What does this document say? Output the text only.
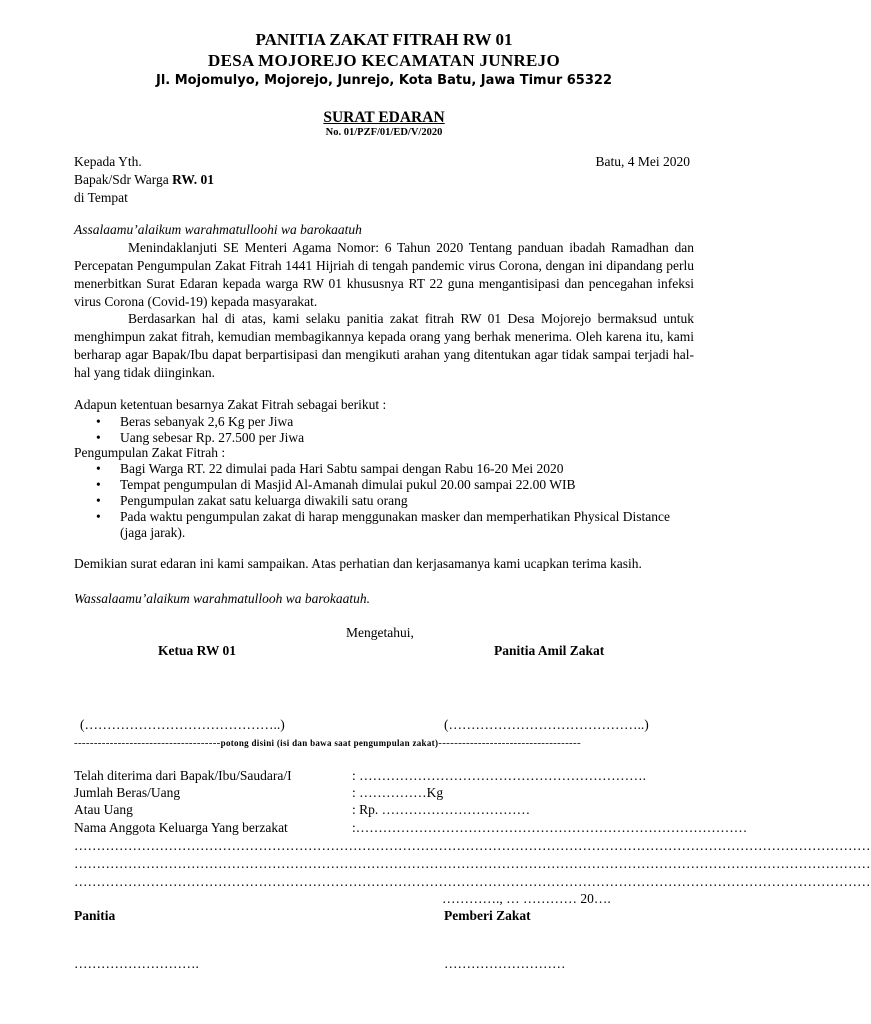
PANITIA ZAKAT FITRAH RW 01
DESA MOJOREJO KECAMATAN JUNREJO
Jl. Mojomulyo, Mojorejo, Junrejo, Kota Batu, Jawa Timur 65322
SURAT EDARAN
No. 01/PZF/01/ED/V/2020
Kepada Yth.
Bapak/Sdr Warga RW. 01
di Tempat
Batu, 4 Mei 2020
Assalaamu’alaikum warahmatulloohi wa barokaatuh
Menindaklanjuti SE Menteri Agama Nomor: 6 Tahun 2020 Tentang panduan ibadah Ramadhan dan Percepatan Pengumpulan Zakat Fitrah 1441 Hijriah di tengah pandemic virus Corona, dengan ini dipandang perlu menerbitkan Surat Edaran kepada warga RW 01 khususnya RT 22 guna mengantisipasi dan pencegahan infeksi virus Corona (Covid-19) kepada masyarakat.
Berdasarkan hal di atas, kami selaku panitia zakat fitrah RW 01 Desa Mojorejo bermaksud untuk menghimpun zakat fitrah, kemudian membagikannya kepada orang yang berhak menerima. Oleh karena itu, kami berharap agar Bapak/Ibu dapat berpartisipasi dan mengikuti arahan yang ditentukan agar tidak sampai terjadi hal-hal yang tidak diinginkan.
Adapun ketentuan besarnya Zakat Fitrah sebagai berikut :
• Beras sebanyak 2,6 Kg per Jiwa
• Uang sebesar Rp. 27.500 per Jiwa
Pengumpulan Zakat Fitrah :
• Bagi Warga RT. 22 dimulai pada Hari Sabtu sampai dengan Rabu 16-20 Mei 2020
• Tempat pengumpulan di Masjid Al-Amanah dimulai pukul 20.00 sampai 22.00 WIB
• Pengumpulan zakat satu keluarga diwakili satu orang
• Pada waktu pengumpulan zakat di harap menggunakan masker dan memperhatikan Physical Distance (jaga jarak).
Demikian surat edaran ini kami sampaikan. Atas perhatian dan kerjasamanya kami ucapkan terima kasih.
Wassalaamu’alaikum warahmatullooh wa barokaatuh.
Mengetahui,
Ketua RW 01	Panitia Amil Zakat
(……………………………………..)	(……………………………………..)
-------------------------------------potong disini (isi dan bawa saat pengumpulan zakat)------------------------------------
Telah diterima dari Bapak/Ibu/Saudara/I	: ……………………………………………………….
Jumlah Beras/Uang	: ……………Kg
Atau Uang	: Rp. ……………………………
Nama Anggota Keluarga Yang berzakat	:……………………………………………………………………………
……………………………………………………………………………………………………………………………………………………………
……………………………………………………………………………………………………………………………………………………………
……………………………………………………………………………………………………………………………………………………………
…………., … ………… 20….
Panitia	Pemberi Zakat
……………………….	………………………
